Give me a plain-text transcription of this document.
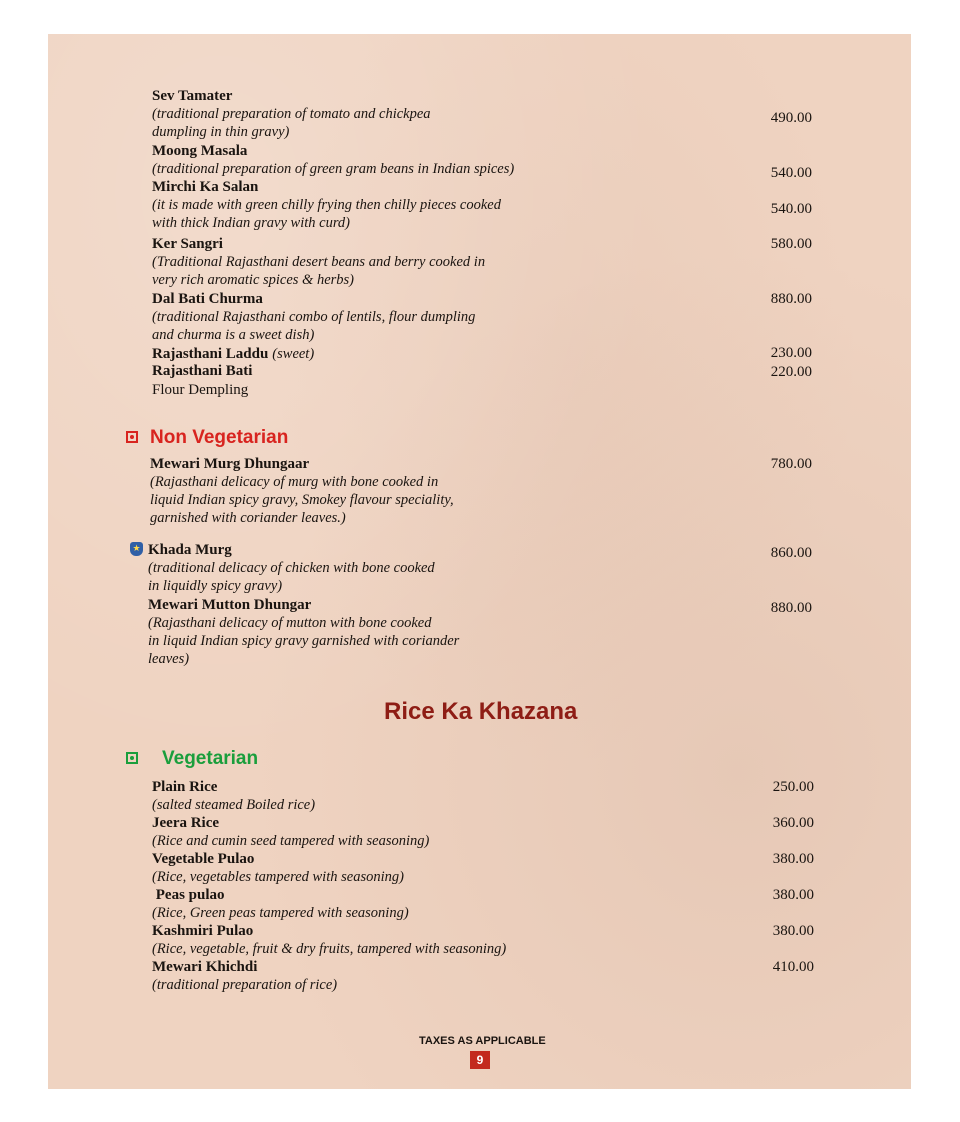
Sev Tamater
(traditional preparation of tomato and chickpea
dumpling in thin gravy)
490.00
Moong Masala
(traditional preparation of green gram beans in Indian spices)	540.00
Mirchi Ka Salan
(it is made with green chilly frying then chilly pieces cooked
with thick Indian gravy with curd)
540.00
Ker Sangri
(Traditional Rajasthani desert beans and berry cooked in
very rich aromatic spices & herbs)
580.00
Dal Bati Churma
(traditional Rajasthani combo of lentils, flour dumpling
and churma is a sweet dish)
880.00
Rajasthani Laddu (sweet)	230.00
Rajasthani Bati
Flour Dempling
220.00
Non Vegetarian
Mewari Murg Dhungaar
(Rajasthani delicacy of murg with bone cooked in
liquid Indian spicy gravy, Smokey flavour speciality,
garnished with coriander leaves.)
780.00
★ Khada Murg
(traditional delicacy of chicken with bone cooked
in liquidly spicy gravy)
860.00
Mewari Mutton Dhungar
(Rajasthani delicacy of mutton with bone cooked
in liquid Indian spicy gravy garnished with coriander
leaves)
880.00
Rice Ka Khazana
Vegetarian
Plain Rice
(salted steamed Boiled rice)
250.00
Jeera Rice
(Rice and cumin seed tampered with seasoning)
360.00
Vegetable Pulao
(Rice, vegetables tampered with seasoning)
380.00
Peas pulao
(Rice, Green peas tampered with seasoning)
380.00
Kashmiri Pulao
(Rice, vegetable, fruit & dry fruits, tampered with seasoning)
380.00
Mewari Khichdi
(traditional preparation of rice)
410.00
TAXES AS APPLICABLE
9
